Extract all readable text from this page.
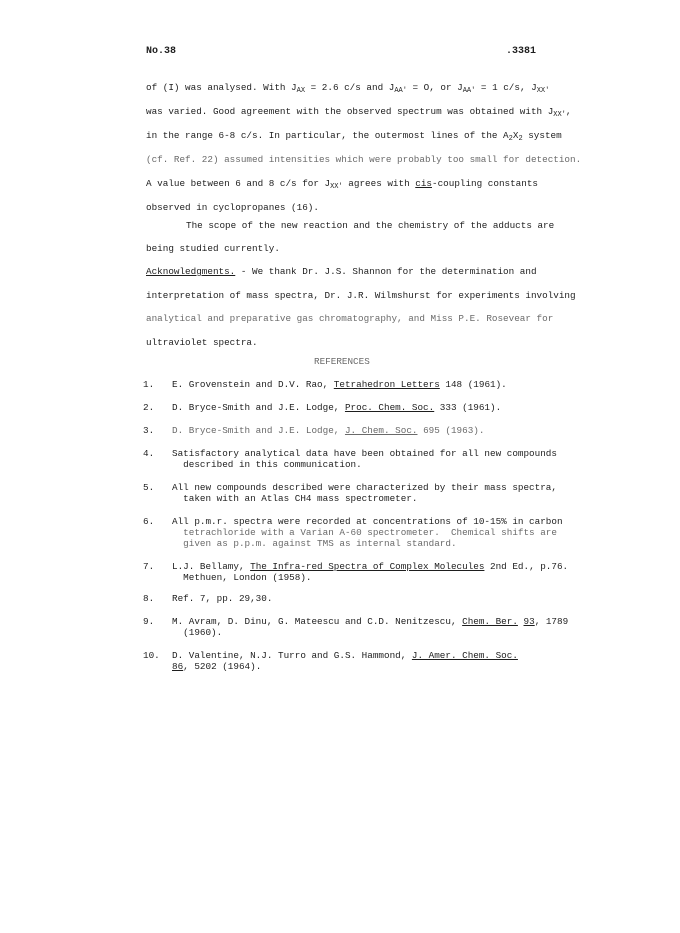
No.38	.3381
of (I) was analysed. With $J_{AX} = 2.6$ c/s and $J_{AA'} = O$, or $J_{AA'} = 1$ c/s, $J_{XX'}$
was varied. Good agreement with the observed spectrum was obtained with $J_{XX'}$,
in the range 6-8 c/s. In particular, the outermost lines of the $A_2X_2$ system
(cf. Ref. 22) assumed intensities which were probably too small for detection.
A value between 6 and 8 c/s for $J_{XX'}$ agrees with cis-coupling constants
observed in cyclopropanes (16).
The scope of the new reaction and the chemistry of the adducts are
being studied currently.
Acknowledgments. - We thank Dr. J.S. Shannon for the determination and
interpretation of mass spectra, Dr. J.R. Wilmshurst for experiments involving
analytical and preparative gas chromatography, and Miss P.E. Rosevear for
ultraviolet spectra.
REFERENCES
1.	E. Grovenstein and D.V. Rao, Tetrahedron Letters 148 (1961).
2.	D. Bryce-Smith and J.E. Lodge, Proc. Chem. Soc. 333 (1961).
3.	D. Bryce-Smith and J.E. Lodge, J. Chem. Soc. 695 (1963).
4.	Satisfactory analytical data have been obtained for all new compounds
described in this communication.
5.	All new compounds described were characterized by their mass spectra,
taken with an Atlas CH4 mass spectrometer.
6.	All p.m.r. spectra were recorded at concentrations of 10-15% in carbon
tetrachloride with a Varian A-60 spectrometer.  Chemical shifts are
given as p.p.m. against TMS as internal standard.
7.	L.J. Bellamy, The Infra-red Spectra of Complex Molecules 2nd Ed., p.76.
Methuen, London (1958).
8.	Ref. 7, pp. 29,30.
9.	M. Avram, D. Dinu, G. Mateescu and C.D. Nenitzescu, Chem. Ber. 93, 1789
(1960).
10.	D. Valentine, N.J. Turro and G.S. Hammond, J. Amer. Chem. Soc.
86, 5202 (1964).
